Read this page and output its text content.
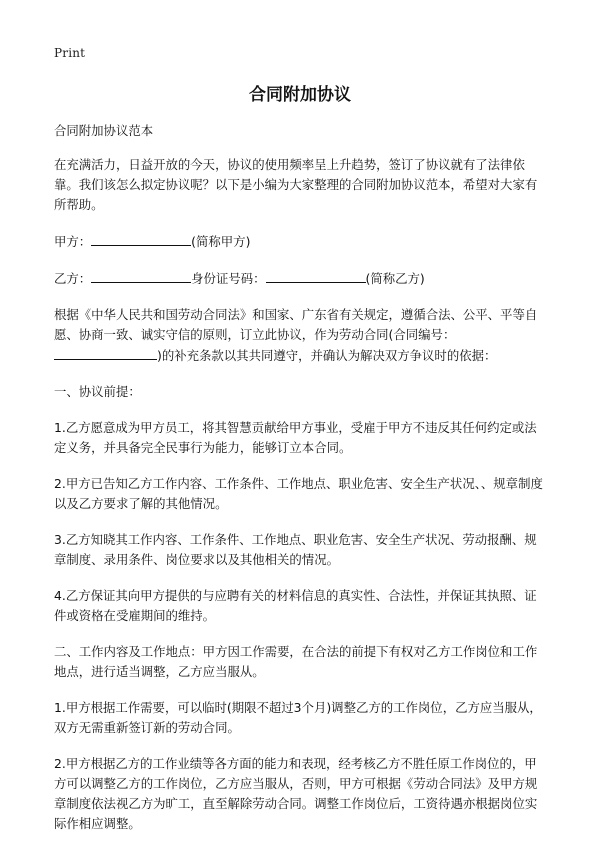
Print
合同附加协议

合同附加协议范本

在充满活力，日益开放的今天，协议的使用频率呈上升趋势，签订了协议就有了法律依靠。我们该怎么拟定协议呢？以下是小编为大家整理的合同附加协议范本，希望对大家有所帮助。

甲方：	(简称甲方)

乙方：	身份证号码：	(简称乙方)

根据《中华人民共和国劳动合同法》和国家、广东省有关规定，遵循合法、公平、平等自愿、协商一致、诚实守信的原则，订立此协议，作为劳动合同(合同编号：)的补充条款以其共同遵守，并确认为解决双方争议时的依据：

一、协议前提：

1.乙方愿意成为甲方员工，将其智慧贡献给甲方事业，受雇于甲方不违反其任何约定或法定义务，并具备完全民事行为能力，能够订立本合同。

2.甲方已告知乙方工作内容、工作条件、工作地点、职业危害、安全生产状况、、规章制度以及乙方要求了解的其他情况。

3.乙方知晓其工作内容、工作条件、工作地点、职业危害、安全生产状况、劳动报酬、规章制度、录用条件、岗位要求以及其他相关的情况。

4.乙方保证其向甲方提供的与应聘有关的材料信息的真实性、合法性，并保证其执照、证件或资格在受雇期间的维持。

二、工作内容及工作地点：甲方因工作需要，在合法的前提下有权对乙方工作岗位和工作地点，进行适当调整，乙方应当服从。

1.甲方根据工作需要，可以临时(期限不超过3个月)调整乙方的工作岗位，乙方应当服从，双方无需重新签订新的劳动合同。

2.甲方根据乙方的工作业绩等各方面的能力和表现，经考核乙方不胜任原工作岗位的，甲方可以调整乙方的工作岗位，乙方应当服从，否则，甲方可根据《劳动合同法》及甲方规章制度依法视乙方为旷工，直至解除劳动合同。调整工作岗位后，工资待遇亦根据岗位实际作相应调整。
